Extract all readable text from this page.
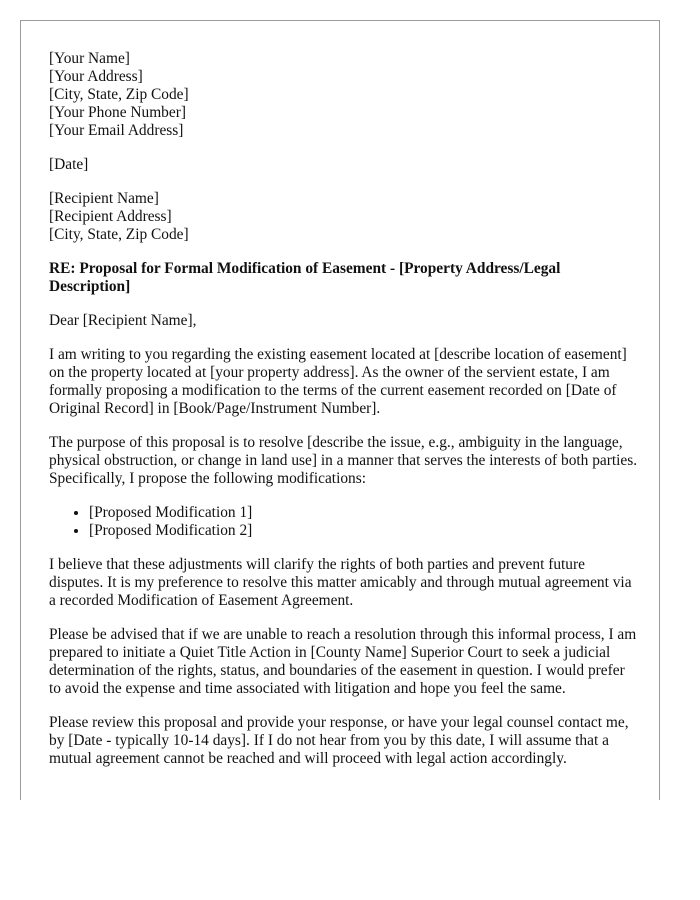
[Your Name]
[Your Address]
[City, State, Zip Code]
[Your Phone Number]
[Your Email Address]
[Date]
[Recipient Name]
[Recipient Address]
[City, State, Zip Code]
RE: Proposal for Formal Modification of Easement - [Property Address/Legal Description]

Dear [Recipient Name],

I am writing to you regarding the existing easement located at [describe location of easement] on the property located at [your property address]. As the owner of the servient estate, I am formally proposing a modification to the terms of the current easement recorded on [Date of Original Record] in [Book/Page/Instrument Number].

The purpose of this proposal is to resolve [describe the issue, e.g., ambiguity in the language, physical obstruction, or change in land use] in a manner that serves the interests of both parties. Specifically, I propose the following modifications:

• [Proposed Modification 1]
• [Proposed Modification 2]

I believe that these adjustments will clarify the rights of both parties and prevent future disputes. It is my preference to resolve this matter amicably and through mutual agreement via a recorded Modification of Easement Agreement.

Please be advised that if we are unable to reach a resolution through this informal process, I am prepared to initiate a Quiet Title Action in [County Name] Superior Court to seek a judicial determination of the rights, status, and boundaries of the easement in question. I would prefer to avoid the expense and time associated with litigation and hope you feel the same.

Please review this proposal and provide your response, or have your legal counsel contact me, by [Date - typically 10-14 days]. If I do not hear from you by this date, I will assume that a mutual agreement cannot be reached and will proceed with legal action accordingly.
